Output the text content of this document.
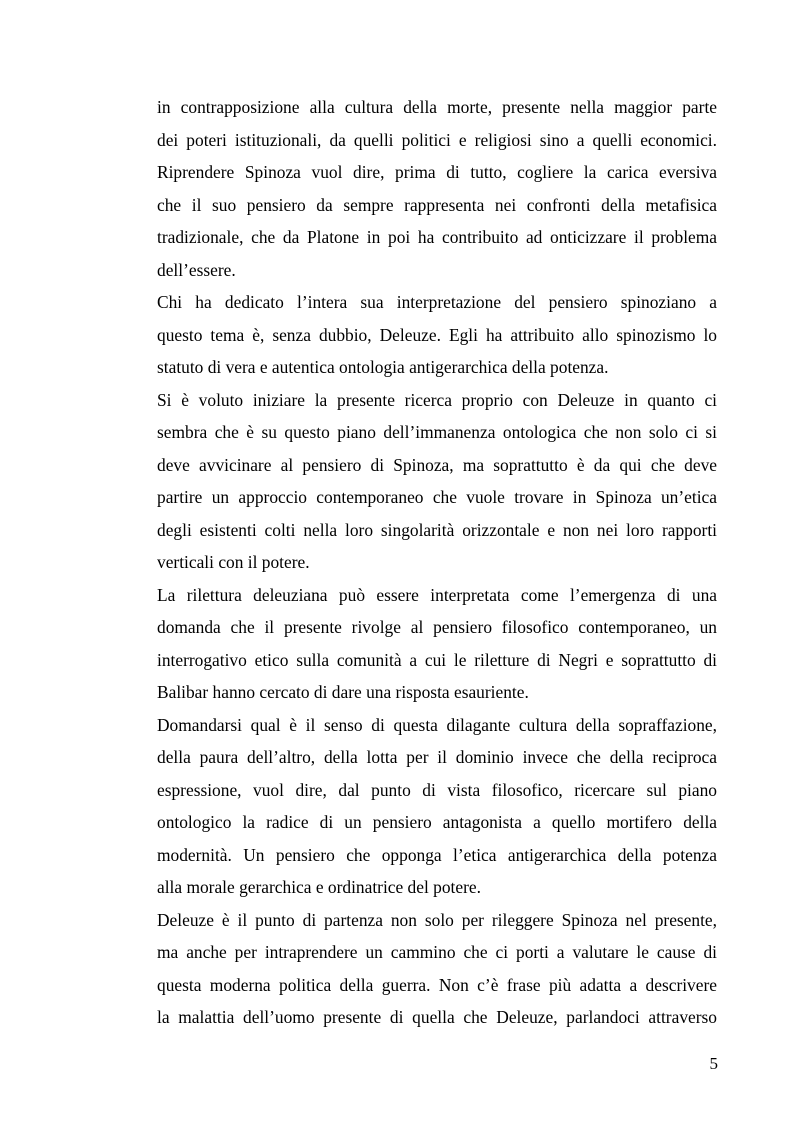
in contrapposizione alla cultura della morte, presente nella maggior parte
dei poteri istituzionali, da quelli politici e religiosi sino a quelli economici.
Riprendere Spinoza vuol dire, prima di tutto, cogliere la carica eversiva
che il suo pensiero da sempre rappresenta nei confronti della metafisica
tradizionale, che da Platone in poi ha contribuito ad onticizzare il problema
dell’essere.
Chi ha dedicato l’intera sua interpretazione del pensiero spinoziano a
questo tema è, senza dubbio, Deleuze. Egli ha attribuito allo spinozismo lo
statuto di vera e autentica ontologia antigerarchica della potenza.
Si è voluto iniziare la presente ricerca proprio con Deleuze in quanto ci
sembra che è su questo piano dell’immanenza ontologica che non solo ci si
deve avvicinare al pensiero di Spinoza, ma soprattutto è da qui che deve
partire un approccio contemporaneo che vuole trovare in Spinoza un’etica
degli esistenti colti nella loro singolarità orizzontale e non nei loro rapporti
verticali con il potere.
La rilettura deleuziana può essere interpretata come l’emergenza di una
domanda che il presente rivolge al pensiero filosofico contemporaneo, un
interrogativo etico sulla comunità a cui le riletture di Negri e soprattutto di
Balibar hanno cercato di dare una risposta esauriente.
Domandarsi qual è il senso di questa dilagante cultura della sopraffazione,
della paura dell’altro, della lotta per il dominio invece che della reciproca
espressione, vuol dire, dal punto di vista filosofico, ricercare sul piano
ontologico la radice di un pensiero antagonista a quello mortifero della
modernità. Un pensiero che opponga l’etica antigerarchica della potenza
alla morale gerarchica e ordinatrice del potere.
Deleuze è il punto di partenza non solo per rileggere Spinoza nel presente,
ma anche per intraprendere un cammino che ci porti a valutare le cause di
questa moderna politica della guerra. Non c’è frase più adatta a descrivere
la malattia dell’uomo presente di quella che Deleuze, parlandoci attraverso
5
